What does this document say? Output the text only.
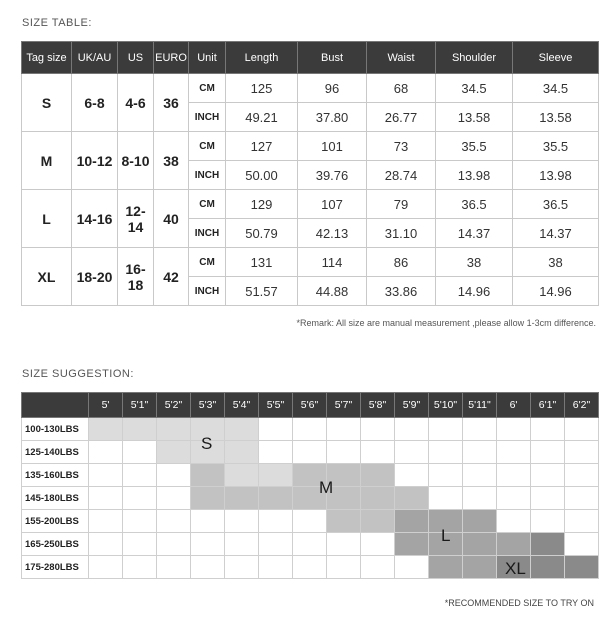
SIZE TABLE:
Tag size	UK/AU	US	EURO	Unit	Length	Bust	Waist	Shoulder	Sleeve
S	6-8	4-6	36	CM	125	96	68	34.5	34.5
				INCH	49.21	37.80	26.77	13.58	13.58
M	10-12	8-10	38	CM	127	101	73	35.5	35.5
				INCH	50.00	39.76	28.74	13.98	13.98
L	14-16	12-14	40	CM	129	107	79	36.5	36.5
				INCH	50.79	42.13	31.10	14.37	14.37
XL	18-20	16-18	42	CM	131	114	86	38	38
				INCH	51.57	44.88	33.86	14.96	14.96
*Remark: All size are manual measurement ,please allow 1-3cm difference.
SIZE SUGGESTION:
	5'	5'1"	5'2"	5'3"	5'4"	5'5"	5'6"	5'7"	5'8"	5'9"	5'10"	5'11"	6'	6'1"	6'2"
100-130LBS															
125-140LBS				S											

135-160LBS															
145-180LBS								M							

155-200LBS															
165-250LBS											L				

175-280LBS													XL		

*RECOMMENDED SIZE TO TRY ON
